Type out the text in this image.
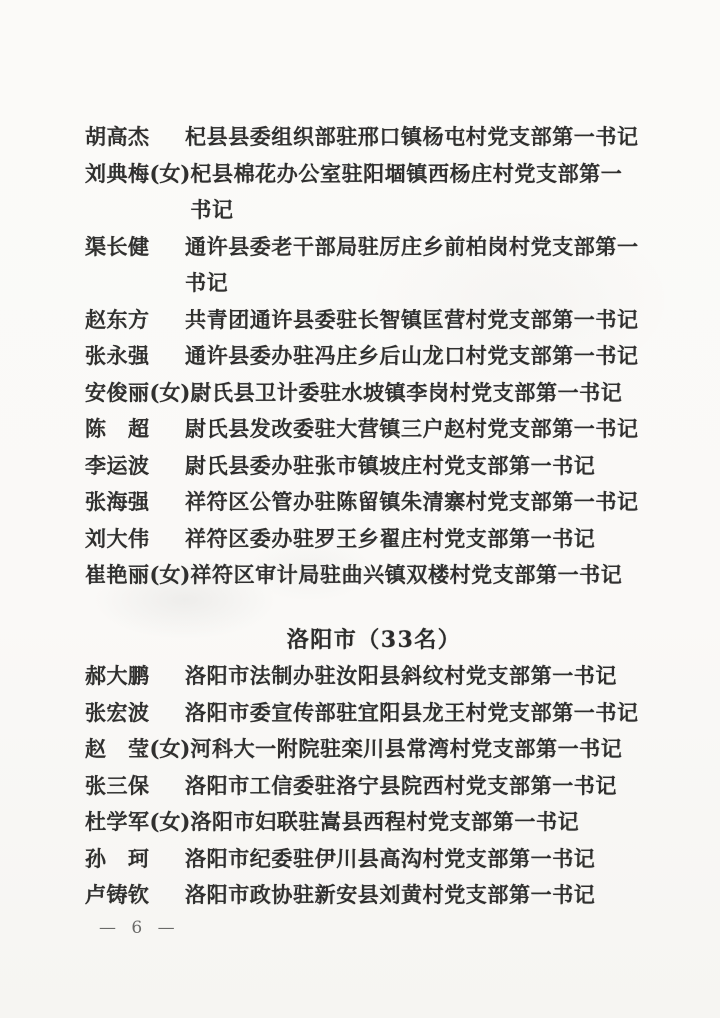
胡高杰	杞县县委组织部驻邢口镇杨屯村党支部第一书记
刘典梅(女) 杞县棉花办公室驻阳堌镇西杨庄村党支部第一
书记
渠长健	通许县委老干部局驻厉庄乡前柏岗村党支部第一
书记
赵东方	共青团通许县委驻长智镇匡营村党支部第一书记
张永强	通许县委办驻冯庄乡后山龙口村党支部第一书记
安俊丽(女) 尉氏县卫计委驻水坡镇李岗村党支部第一书记
陈　超	尉氏县发改委驻大营镇三户赵村党支部第一书记
李运波	尉氏县委办驻张市镇坡庄村党支部第一书记
张海强	祥符区公管办驻陈留镇朱清寨村党支部第一书记
刘大伟	祥符区委办驻罗王乡翟庄村党支部第一书记
崔艳丽(女) 祥符区审计局驻曲兴镇双楼村党支部第一书记
洛阳市（33名）
郝大鹏	洛阳市法制办驻汝阳县斜纹村党支部第一书记
张宏波	洛阳市委宣传部驻宜阳县龙王村党支部第一书记
赵　莹(女) 河科大一附院驻栾川县常湾村党支部第一书记
张三保	洛阳市工信委驻洛宁县院西村党支部第一书记
杜学军(女) 洛阳市妇联驻嵩县西程村党支部第一书记
孙　珂	洛阳市纪委驻伊川县高沟村党支部第一书记
卢铸钦	洛阳市政协驻新安县刘黄村党支部第一书记
— 6 —
